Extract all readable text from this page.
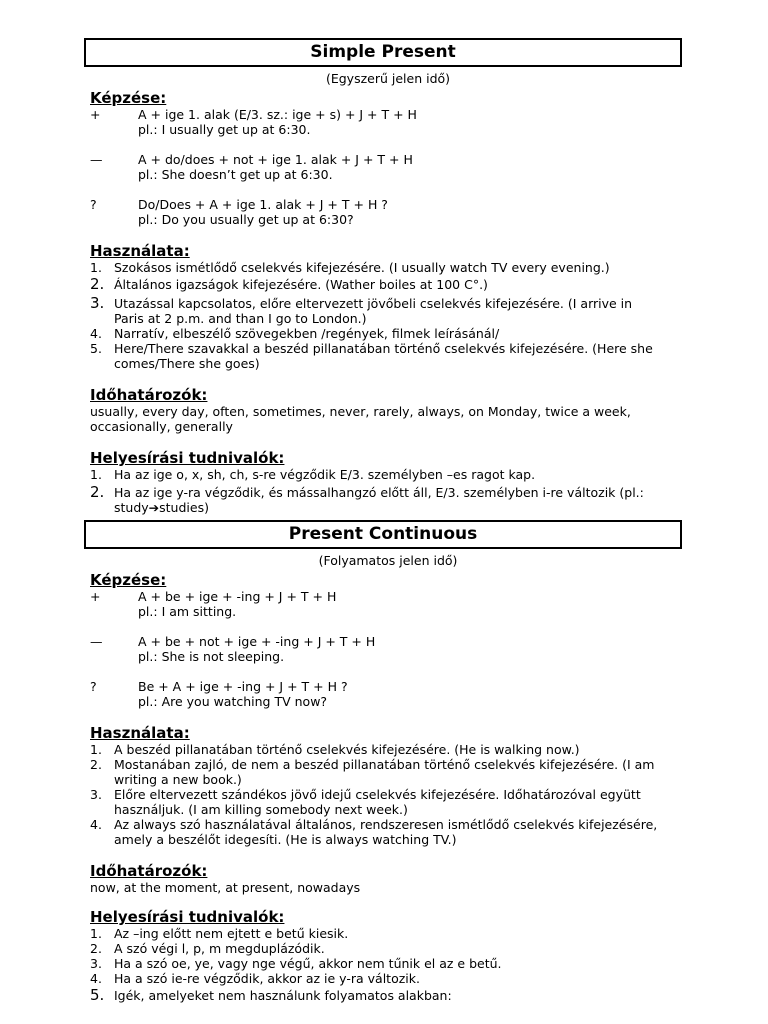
Simple Present
(Egyszerű jelen idő)
Képzése:
+	A + ige 1. alak (E/3. sz.: ige + s) + J + T + H
pl.: I usually get up at 6:30.
—	A + do/does + not + ige 1. alak + J + T + H
pl.: She doesn’t get up at 6:30.
?	Do/Does + A + ige 1. alak + J + T + H ?
pl.: Do you usually get up at 6:30?
Használata:
1. Szokásos ismétlődő cselekvés kifejezésére. (I usually watch TV every evening.)
2. Általános igazságok kifejezésére. (Wather boiles at 100 C°.)
3. Utazással kapcsolatos, előre eltervezett jövőbeli cselekvés kifejezésére. (I arrive in
Paris at 2 p.m. and than I go to London.)
4. Narratív, elbeszélő szövegekben /regények, filmek leírásánál/
5. Here/There szavakkal a beszéd pillanatában történő cselekvés kifejezésére. (Here she
comes/There she goes)
Időhatározók:
usually, every day, often, sometimes, never, rarely, always, on Monday, twice a week,
occasionally, generally
Helyesírási tudnivalók:
1. Ha az ige o, x, sh, ch, s-re végződik E/3. személyben –es ragot kap.
2. Ha az ige y-ra végződik, és mássalhangzó előtt áll, E/3. személyben i-re változik (pl.:
study➔studies)
Present Continuous
(Folyamatos jelen idő)
Képzése:
+	A + be + ige + -ing + J + T + H
pl.: I am sitting.
—	A + be + not + ige + -ing + J + T + H
pl.: She is not sleeping.
?	Be + A + ige + -ing + J + T + H ?
pl.: Are you watching TV now?
Használata:
1. A beszéd pillanatában történő cselekvés kifejezésére. (He is walking now.)
2. Mostanában zajló, de nem a beszéd pillanatában történő cselekvés kifejezésére. (I am
writing a new book.)
3. Előre eltervezett szándékos jövő idejű cselekvés kifejezésére. Időhatározóval együtt
használjuk. (I am killing somebody next week.)
4. Az always szó használatával általános, rendszeresen ismétlődő cselekvés kifejezésére,
amely a beszélőt idegesíti. (He is always watching TV.)
Időhatározók:
now, at the moment, at present, nowadays
Helyesírási tudnivalók:
1. Az –ing előtt nem ejtett e betű kiesik.
2. A szó végi l, p, m megduplázódik.
3. Ha a szó oe, ye, vagy nge végű, akkor nem tűnik el az e betű.
4. Ha a szó ie-re végződik, akkor az ie y-ra változik.
5. Igék, amelyeket nem használunk folyamatos alakban:
